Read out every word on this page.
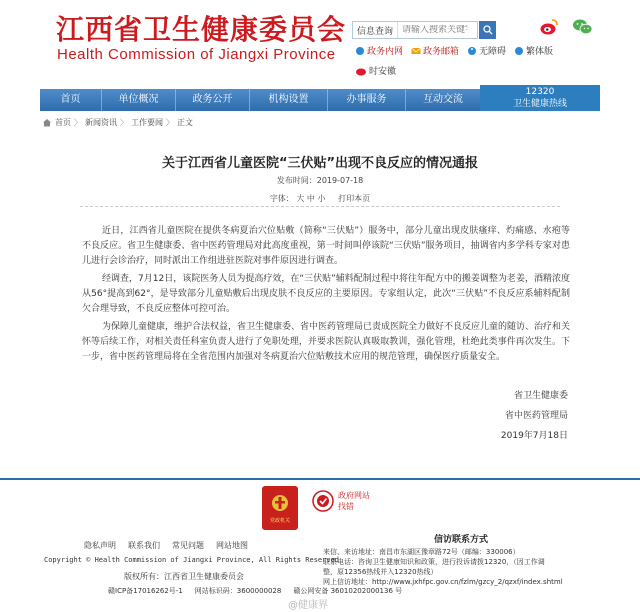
江西省卫生健康委员会
Health Commission of Jiangxi Province
信息查询
请输入搜索关键字
政务内网 政务邮箱 无障碍 繁体版
时安徽
首页	单位概况	政务公开	机构设置	办事服务	互动交流
12320
卫生健康热线
首页 〉 新闻资讯 〉 工作要闻 〉 正文
关于江西省儿童医院“三伏贴”出现不良反应的情况通报
发布时间：2019-07-18
字体： 大 中 小 打印本页

近日，江西省儿童医院在提供冬病夏治穴位贴敷（简称“三伏贴”）服务中，部分儿童出现皮肤瘙痒、灼痛感、水疱等不良反应。省卫生健康委、省中医药管理局对此高度重视，第一时间叫停该院“三伏贴”服务项目，抽调省内多学科专家对患儿进行会诊治疗，同时派出工作组进驻医院对事件原因进行调查。

经调查，7月12日，该院医务人员为提高疗效，在“三伏贴”辅料配制过程中将往年配方中的搬姜调整为老姜，酒精浓度从56°提高到62°，是导致部分儿童贴敷后出现皮肤不良反应的主要原因。专家组认定，此次“三伏贴”不良反应系辅料配制欠合理导致，不良反应整体可控可治。

为保障儿童健康，维护合法权益，省卫生健康委、省中医药管理局已责成医院全力做好不良反应儿童的随访、治疗和关怀等后续工作，对相关责任科室负责人进行了免职处理，并要求医院认真吸取教训，强化管理，杜绝此类事件再次发生。下一步，省中医药管理局将在全省范围内加强对冬病夏治穴位贴敷技术应用的规范管理，确保医疗质量安全。

省卫生健康委
省中医药管理局
2019年7月18日
党政机关
政府网站
找错
隐私声明 联系我们 常见问题 网站地图
Copyright © Health Commission of Jiangxi Province, All Rights Reserved
版权所有：江西省卫生健康委员会
赣ICP备17016262号-1 网站标识码：3600000028 赣公网安备 36010202000136 号
信访联系方式
来信、来访地址：南昌市东湖区豫章路72号（邮编：330006）
联系电话：咨询卫生健康知识和政策，进行投诉请拨12320，（因工作调
整，原12356热线并入12320热线）
网上信访地址：http://www.jxhfpc.gov.cn/fzlm/gzcy_2/qzxf/index.shtml
@健康界
